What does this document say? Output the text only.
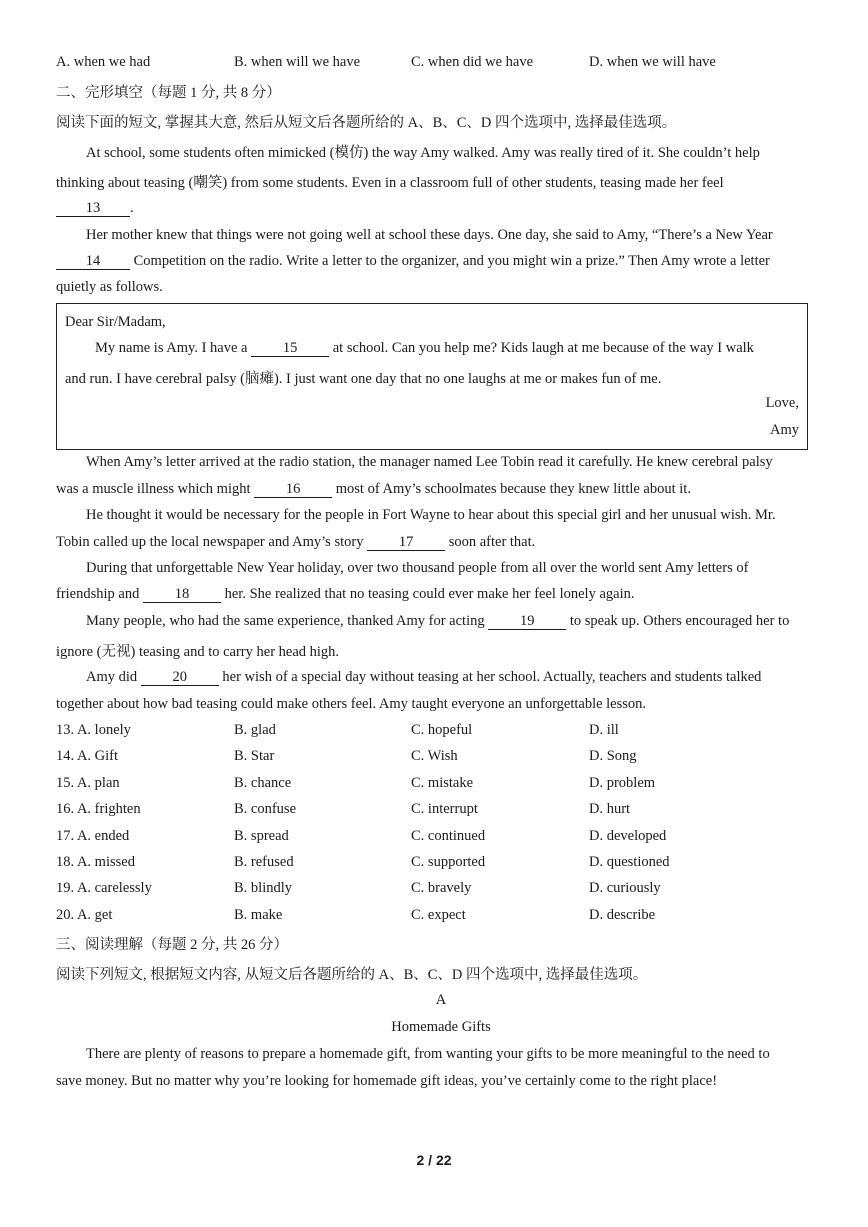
A. when we had	B. when will we have	C. when did we have	D. when we will have
二、完形填空（每题 1 分, 共 8 分）
阅读下面的短文, 掌握其大意, 然后从短文后各题所给的 A、B、C、D 四个选项中, 选择最佳选项。
At school, some students often mimicked (模仿) the way Amy walked. Amy was really tired of it. She couldn’t help
thinking about teasing (嘲笑) from some students. Even in a classroom full of other students, teasing made her feel
13 .
Her mother knew that things were not going well at school these days. One day, she said to Amy, “There’s a New Year
14 Competition on the radio. Write a letter to the organizer, and you might win a prize.” Then Amy wrote a letter
quietly as follows.
When Amy’s letter arrived at the radio station, the manager named Lee Tobin read it carefully. He knew cerebral palsy
was a muscle illness which might 16 most of Amy’s schoolmates because they knew little about it.
He thought it would be necessary for the people in Fort Wayne to hear about this special girl and her unusual wish. Mr.
Tobin called up the local newspaper and Amy’s story 17 soon after that.
During that unforgettable New Year holiday, over two thousand people from all over the world sent Amy letters of
friendship and 18 her. She realized that no teasing could ever make her feel lonely again.
Many people, who had the same experience, thanked Amy for acting 19 to speak up. Others encouraged her to
ignore (无视) teasing and to carry her head high.
Amy did 20 her wish of a special day without teasing at her school. Actually, teachers and students talked
together about how bad teasing could make others feel. Amy taught everyone an unforgettable lesson.
13. A. lonely	B. glad	C. hopeful	D. ill
14. A. Gift	B. Star	C. Wish	D. Song
15. A. plan	B. chance	C. mistake	D. problem
16. A. frighten	B. confuse	C. interrupt	D. hurt
17. A. ended	B. spread	C. continued	D. developed
18. A. missed	B. refused	C. supported	D. questioned
19. A. carelessly	B. blindly	C. bravely	D. curiously
20. A. get	B. make	C. expect	D. describe
三、阅读理解（每题 2 分, 共 26 分）
阅读下列短文, 根据短文内容, 从短文后各题所给的 A、B、C、D 四个选项中, 选择最佳选项。
A
Homemade Gifts
There are plenty of reasons to prepare a homemade gift, from wanting your gifts to be more meaningful to the need to
save money. But no matter why you’re looking for homemade gift ideas, you’ve certainly come to the right place!
Dear Sir/Madam,
My name is Amy. I have a 15 at school. Can you help me? Kids laugh at me because of the way I walk
and run. I have cerebral palsy (脑瘫). I just want one day that no one laughs at me or makes fun of me.
Love,
Amy
2 / 22
